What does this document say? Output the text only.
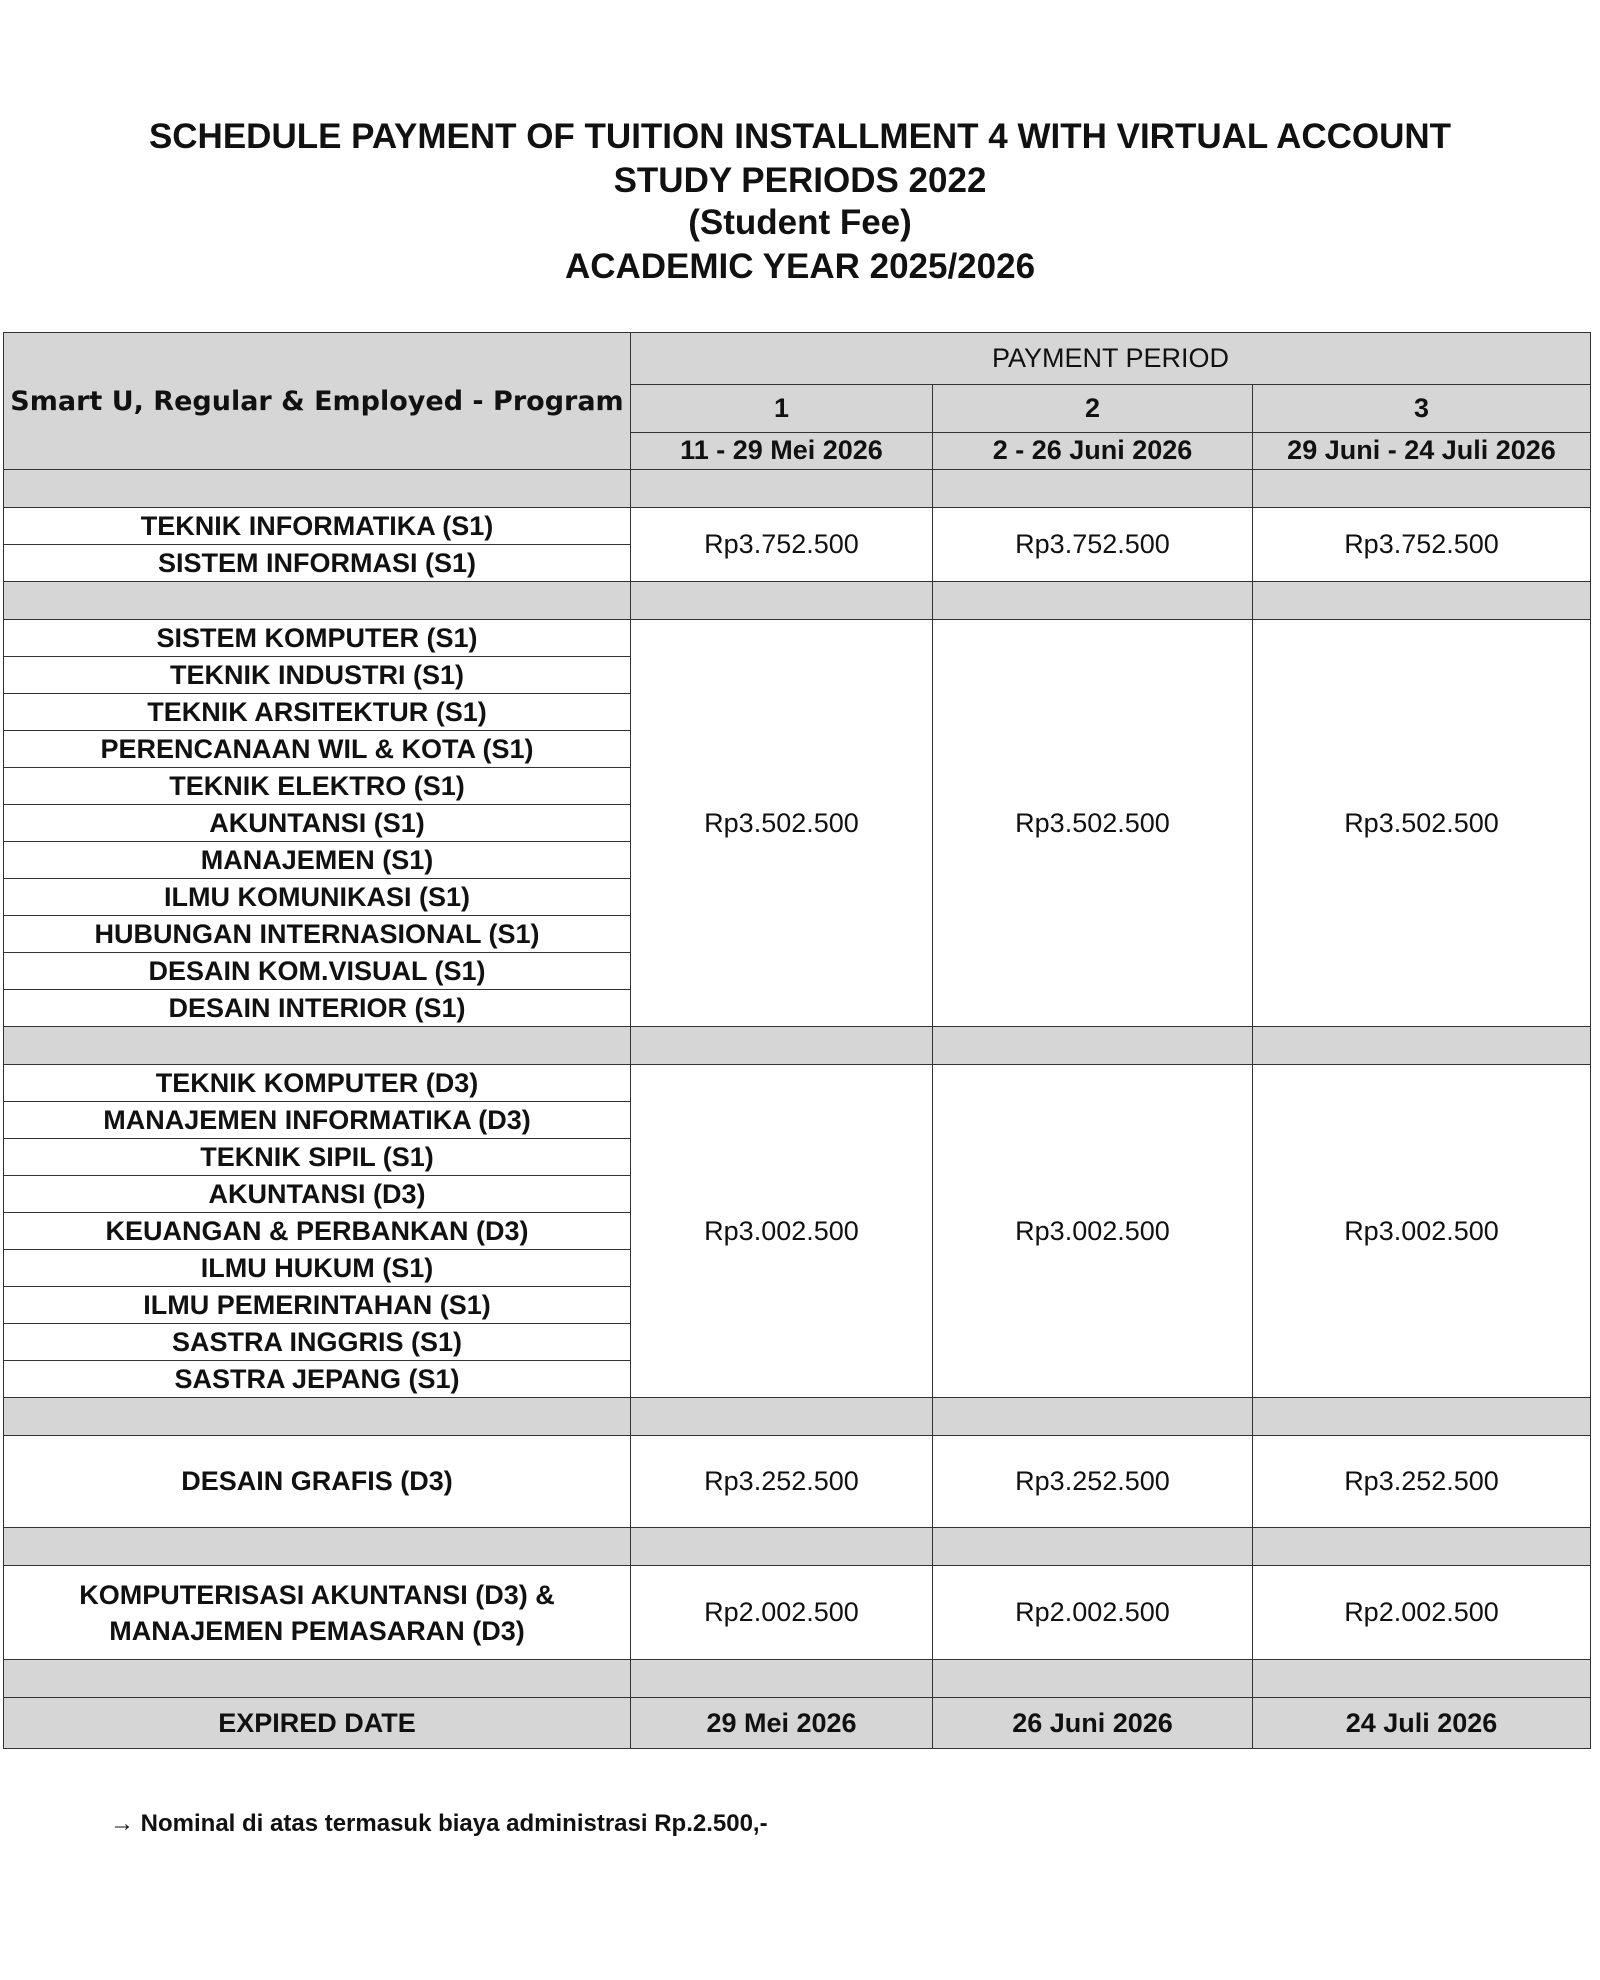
SCHEDULE PAYMENT OF TUITION INSTALLMENT 4 WITH VIRTUAL ACCOUNT
STUDY PERIODS 2022
(Student Fee)
ACADEMIC YEAR 2025/2026
Smart U, Regular & Employed - Program	PAYMENT PERIOD		
	1	2	3
	11 - 29 Mei 2026	2 - 26 Juni 2026	29 Juni - 24 Juli 2026

TEKNIK INFORMATIKA (S1)	Rp3.752.500	Rp3.752.500	Rp3.752.500
SISTEM INFORMASI (S1)			

SISTEM KOMPUTER (S1)	Rp3.502.500	Rp3.502.500	Rp3.502.500
TEKNIK INDUSTRI (S1)			
TEKNIK ARSITEKTUR (S1)			
PERENCANAAN WIL & KOTA (S1)			
TEKNIK ELEKTRO (S1)			
AKUNTANSI (S1)			
MANAJEMEN (S1)			
ILMU KOMUNIKASI (S1)			
HUBUNGAN INTERNASIONAL (S1)			
DESAIN KOM.VISUAL (S1)			
DESAIN INTERIOR (S1)			

TEKNIK KOMPUTER (D3)	Rp3.002.500	Rp3.002.500	Rp3.002.500
MANAJEMEN INFORMATIKA (D3)			
TEKNIK SIPIL (S1)			
AKUNTANSI (D3)			
KEUANGAN & PERBANKAN (D3)			
ILMU HUKUM (S1)			
ILMU PEMERINTAHAN (S1)			
SASTRA INGGRIS (S1)			
SASTRA JEPANG (S1)			

DESAIN GRAFIS (D3)	Rp3.252.500	Rp3.252.500	Rp3.252.500

KOMPUTERISASI AKUNTANSI (D3) &
MANAJEMEN PEMASARAN (D3)	Rp2.002.500	Rp2.002.500	Rp2.002.500

EXPIRED DATE	29 Mei 2026	26 Juni 2026	24 Juli 2026
→ Nominal di atas termasuk biaya administrasi Rp.2.500,-
